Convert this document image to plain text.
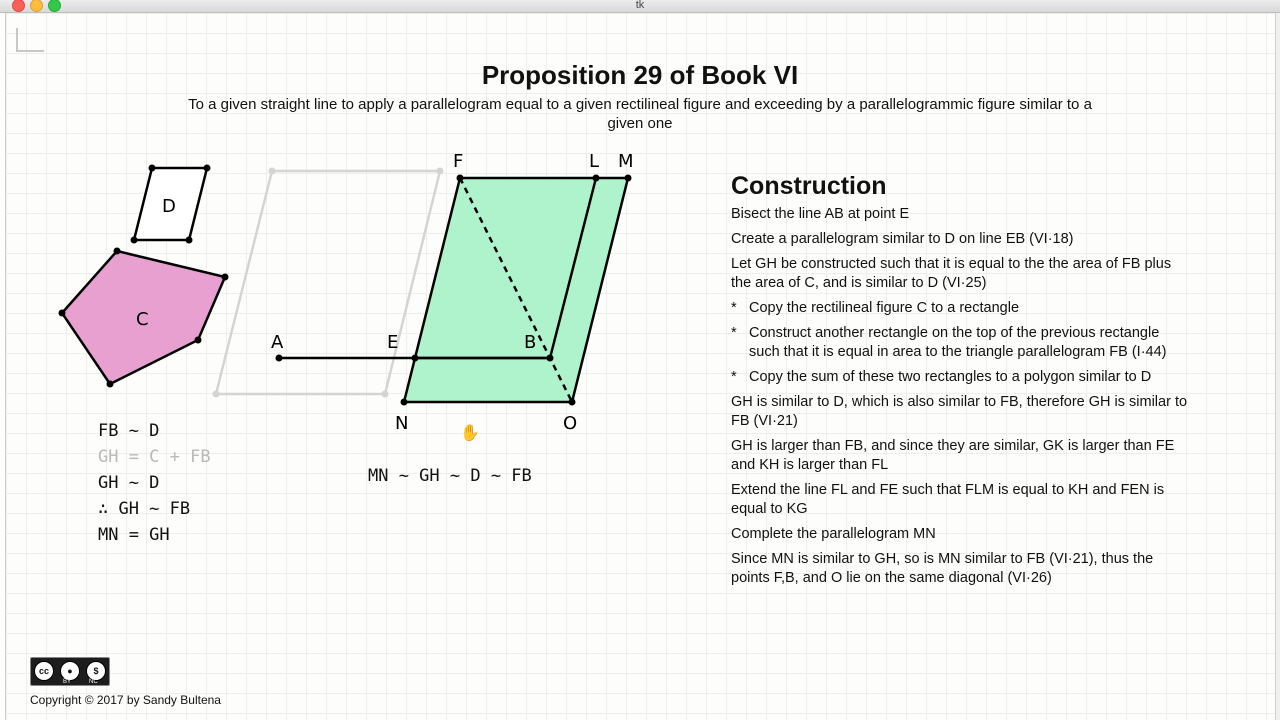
tk
Proposition 29 of Book VI
To a given straight line to apply a parallelogram equal to a given rectilineal figure and exceeding by a parallelogrammic figure similar to a given one
D
C
A	E	B
F	L M
N	O
FB ~ D
GH = C + FB
GH ~ D
∴ GH ~ FB
MN = GH
MN ~ GH ~ D ~ FB
Construction
Bisect the line AB at point E
Create a parallelogram similar to D on line EB (VI·18)
Let GH be constructed such that it is equal to the the area of FB plus the area of C, and is similar to D (VI·25)
* Copy the rectilineal figure C to a rectangle
* Construct another rectangle on the top of the previous rectangle such that it is equal in area to the triangle parallelogram FB (I·44)
* Copy the sum of these two rectangles to a polygon similar to D
GH is similar to D, which is also similar to FB, therefore GH is similar to FB (VI·21)
GH is larger than FB, and since they are similar, GK is larger than FE and KH is larger than FL
Extend the line FL and FE such that FLM is equal to KH and FEN is equal to KG
Complete the parallelogram MN
Since MN is similar to GH, so is MN similar to FB (VI·21), thus the points F,B, and O lie on the same diagonal (VI·26)
cc	●	$
BY	NC
Copyright © 2017 by Sandy Bultena
✋
